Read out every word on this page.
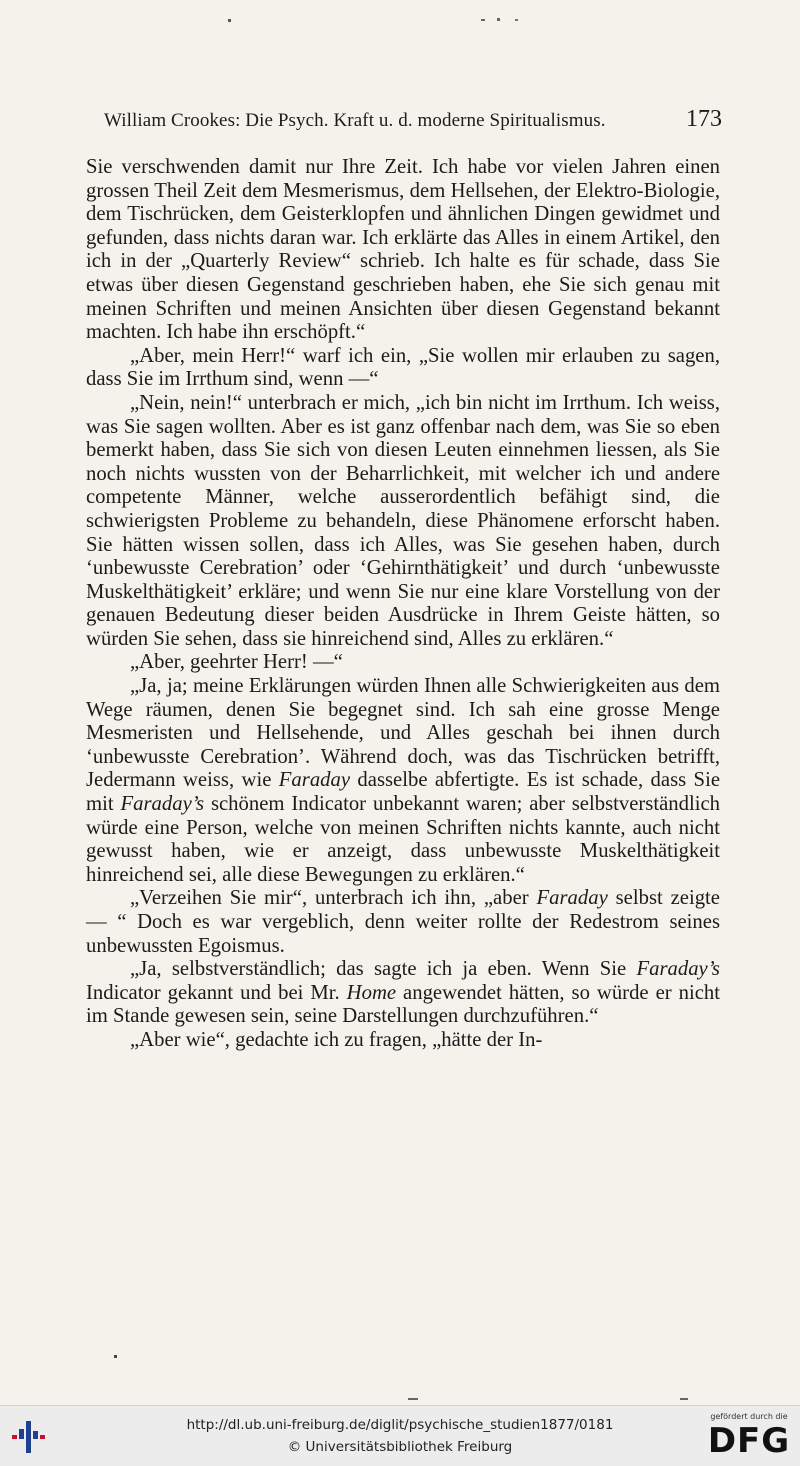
William Crookes: Die Psych. Kraft u. d. moderne Spiritualismus.	173

Sie verschwenden damit nur Ihre Zeit. Ich habe vor vielen Jahren einen grossen Theil Zeit dem Mesmerismus, dem Hellsehen, der Elektro-Biologie, dem Tischrücken, dem Geisterklopfen und ähnlichen Dingen gewidmet und gefunden, dass nichts daran war. Ich erklärte das Alles in einem Artikel, den ich in der „Quarterly Review“ schrieb. Ich halte es für schade, dass Sie etwas über diesen Gegenstand geschrieben haben, ehe Sie sich genau mit meinen Schriften und meinen Ansichten über diesen Gegenstand bekannt machten. Ich habe ihn erschöpft.“

„Aber, mein Herr!“ warf ich ein, „Sie wollen mir erlauben zu sagen, dass Sie im Irrthum sind, wenn —“

„Nein, nein!“ unterbrach er mich, „ich bin nicht im Irrthum. Ich weiss, was Sie sagen wollten. Aber es ist ganz offenbar nach dem, was Sie so eben bemerkt haben, dass Sie sich von diesen Leuten einnehmen liessen, als Sie noch nichts wussten von der Beharrlichkeit, mit welcher ich und andere competente Männer, welche ausserordentlich befähigt sind, die schwierigsten Probleme zu behandeln, diese Phänomene erforscht haben. Sie hätten wissen sollen, dass ich Alles, was Sie gesehen haben, durch ‘unbewusste Cerebration’ oder ‘Gehirnthätigkeit’ und durch ‘unbewusste Muskelthätigkeit’ erkläre; und wenn Sie nur eine klare Vorstellung von der genauen Bedeutung dieser beiden Ausdrücke in Ihrem Geiste hätten, so würden Sie sehen, dass sie hinreichend sind, Alles zu erklären.“

„Aber, geehrter Herr! —“

„Ja, ja; meine Erklärungen würden Ihnen alle Schwierigkeiten aus dem Wege räumen, denen Sie begegnet sind. Ich sah eine grosse Menge Mesmeristen und Hellsehende, und Alles geschah bei ihnen durch ‘unbewusste Cerebration’. Während doch, was das Tischrücken betrifft, Jedermann weiss, wie Faraday dasselbe abfertigte. Es ist schade, dass Sie mit Faraday’s schönem Indicator unbekannt waren; aber selbstverständlich würde eine Person, welche von meinen Schriften nichts kannte, auch nicht gewusst haben, wie er anzeigt, dass unbewusste Muskelthätigkeit hinreichend sei, alle diese Bewegungen zu erklären.“

„Verzeihen Sie mir“, unterbrach ich ihn, „aber Faraday selbst zeigte — “ Doch es war vergeblich, denn weiter rollte der Redestrom seines unbewussten Egoismus.

„Ja, selbstverständlich; das sagte ich ja eben. Wenn Sie Faraday’s Indicator gekannt und bei Mr. Home angewendet hätten, so würde er nicht im Stande gewesen sein, seine Darstellungen durchzuführen.“

„Aber wie“, gedachte ich zu fragen, „hätte der In-

http://dl.ub.uni-freiburg.de/diglit/psychische_studien1877/0181
© Universitätsbibliothek Freiburg
gefördert durch die
DFG
